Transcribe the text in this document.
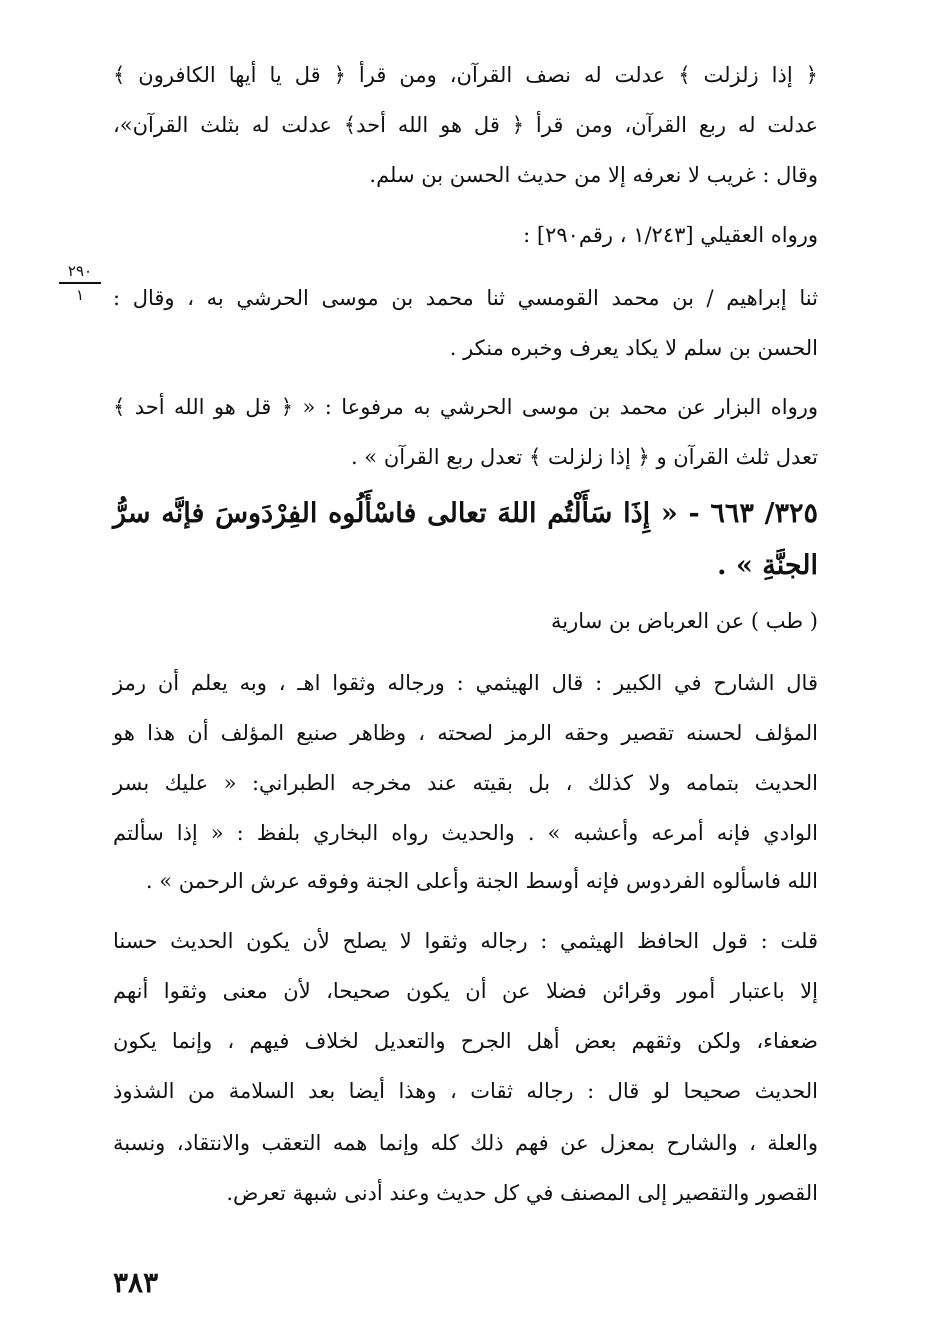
﴿ إذا زلزلت ﴾ عدلت له نصف القرآن، ومن قرأ ﴿ قل يا أيها الكافرون ﴾
عدلت له ربع القرآن، ومن قرأ ﴿ قل هو الله أحد﴾ عدلت له بثلث القرآن»،
وقال : غريب لا نعرفه إلا من حديث الحسن بن سلم.
ورواه العقيلي [١/٢٤٣ ، رقم٢٩٠] :
ثنا إبراهيم / بن محمد القومسي ثنا محمد بن موسى الحرشي به ، وقال :
الحسن بن سلم لا يكاد يعرف وخبره منكر .
٢٩٠
١
ورواه البزار عن محمد بن موسى الحرشي به مرفوعا : « ﴿ قل هو الله أحد ﴾
تعدل ثلث القرآن و ﴿ إذا زلزلت ﴾ تعدل ربع القرآن » .
٣٢٥/ ٦٦٣ - « إِذَا سَأَلْتُم اللهَ تعالى فاسْأَلُوه الفِرْدَوسَ فإنَّه سرُّ
الجنَّةِ » .
( طب ) عن العرباض بن سارية
قال الشارح في الكبير : قال الهيثمي : ورجاله وثقوا اهـ ، وبه يعلم أن رمز
المؤلف لحسنه تقصير وحقه الرمز لصحته ، وظاهر صنيع المؤلف أن هذا هو
الحديث بتمامه ولا كذلك ، بل بقيته عند مخرجه الطبراني: « عليك بسر
الوادي فإنه أمرعه وأعشبه » . والحديث رواه البخاري بلفظ : « إذا سألتم
الله فاسألوه الفردوس فإنه أوسط الجنة وأعلى الجنة وفوقه عرش الرحمن » .
قلت : قول الحافظ الهيثمي : رجاله وثقوا لا يصلح لأن يكون الحديث حسنا
إلا باعتبار أمور وقرائن فضلا عن أن يكون صحيحا، لأن معنى وثقوا أنهم
ضعفاء، ولكن وثقهم بعض أهل الجرح والتعديل لخلاف فيهم ، وإنما يكون
الحديث صحيحا لو قال : رجاله ثقات ، وهذا أيضا بعد السلامة من الشذوذ
والعلة ، والشارح بمعزل عن فهم ذلك كله وإنما همه التعقب والانتقاد، ونسبة
القصور والتقصير إلى المصنف في كل حديث وعند أدنى شبهة تعرض.
٣٨٣
